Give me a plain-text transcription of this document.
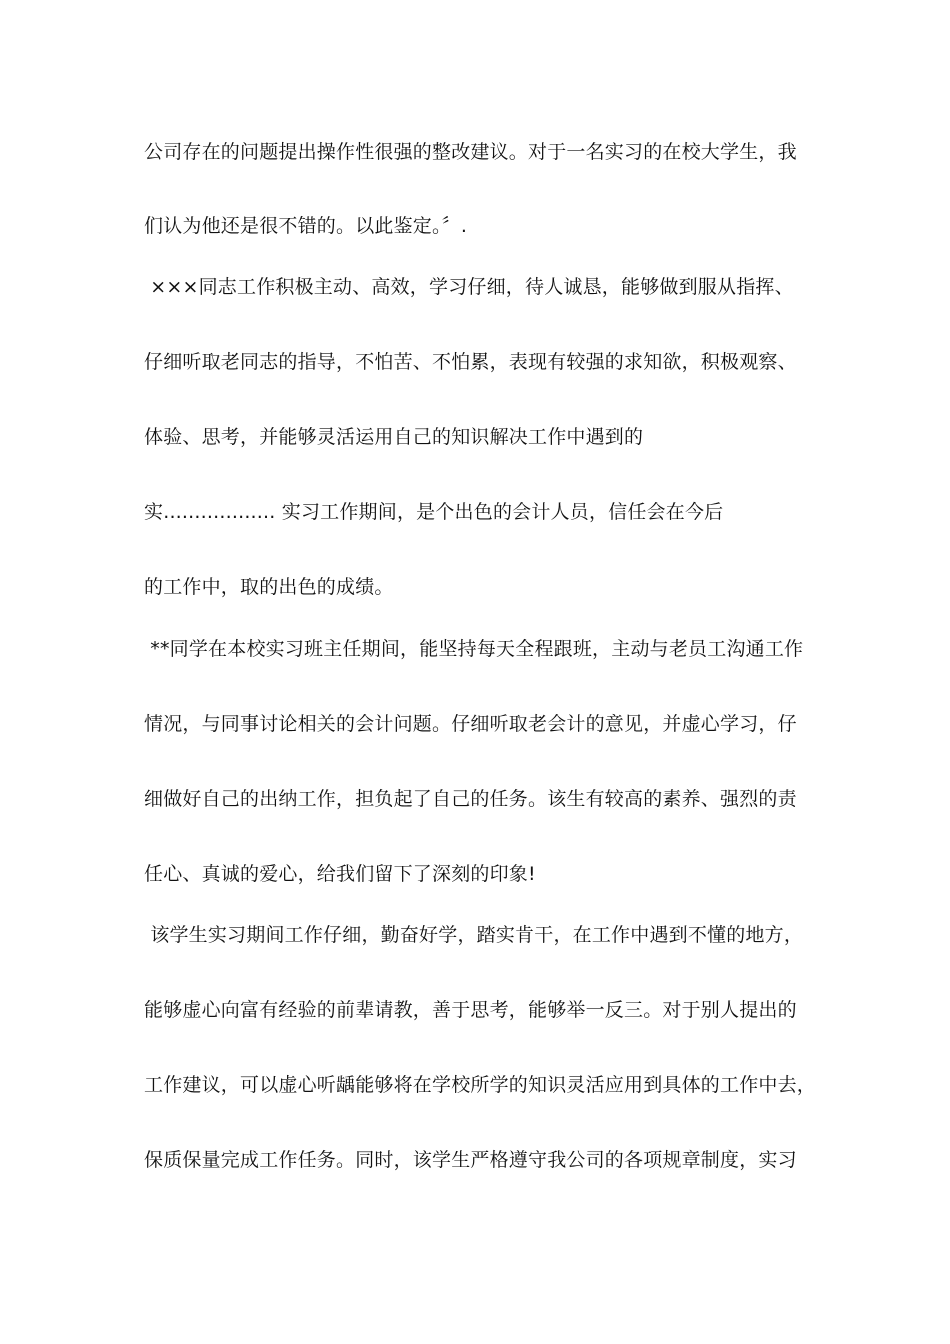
公司存在的问题提出操作性很强的整改建议。对于一名实习的在校大学生，我
们认为他还是很不错的。以此鉴定。〞.
×××同志工作积极主动、高效，学习仔细，待人诚恳，能够做到服从指挥、
仔细听取老同志的指导，不怕苦、不怕累，表现有较强的求知欲，积极观察、
体验、思考，并能够灵活运用自己的知识解决工作中遇到的
实.................. 实习工作期间，是个出色的会计人员，信任会在今后
的工作中，取的出色的成绩。
**同学在本校实习班主任期间，能坚持每天全程跟班，主动与老员工沟通工作
情况，与同事讨论相关的会计问题。仔细听取老会计的意见，并虚心学习，仔
细做好自己的出纳工作，担负起了自己的任务。该生有较高的素养、强烈的责
任心、真诚的爱心，给我们留下了深刻的印象!
该学生实习期间工作仔细，勤奋好学，踏实肯干，在工作中遇到不懂的地方，
能够虚心向富有经验的前辈请教，善于思考，能够举一反三。对于别人提出的
工作建议，可以虚心听龋能够将在学校所学的知识灵活应用到具体的工作中去，
保质保量完成工作任务。同时，该学生严格遵守我公司的各项规章制度，实习
